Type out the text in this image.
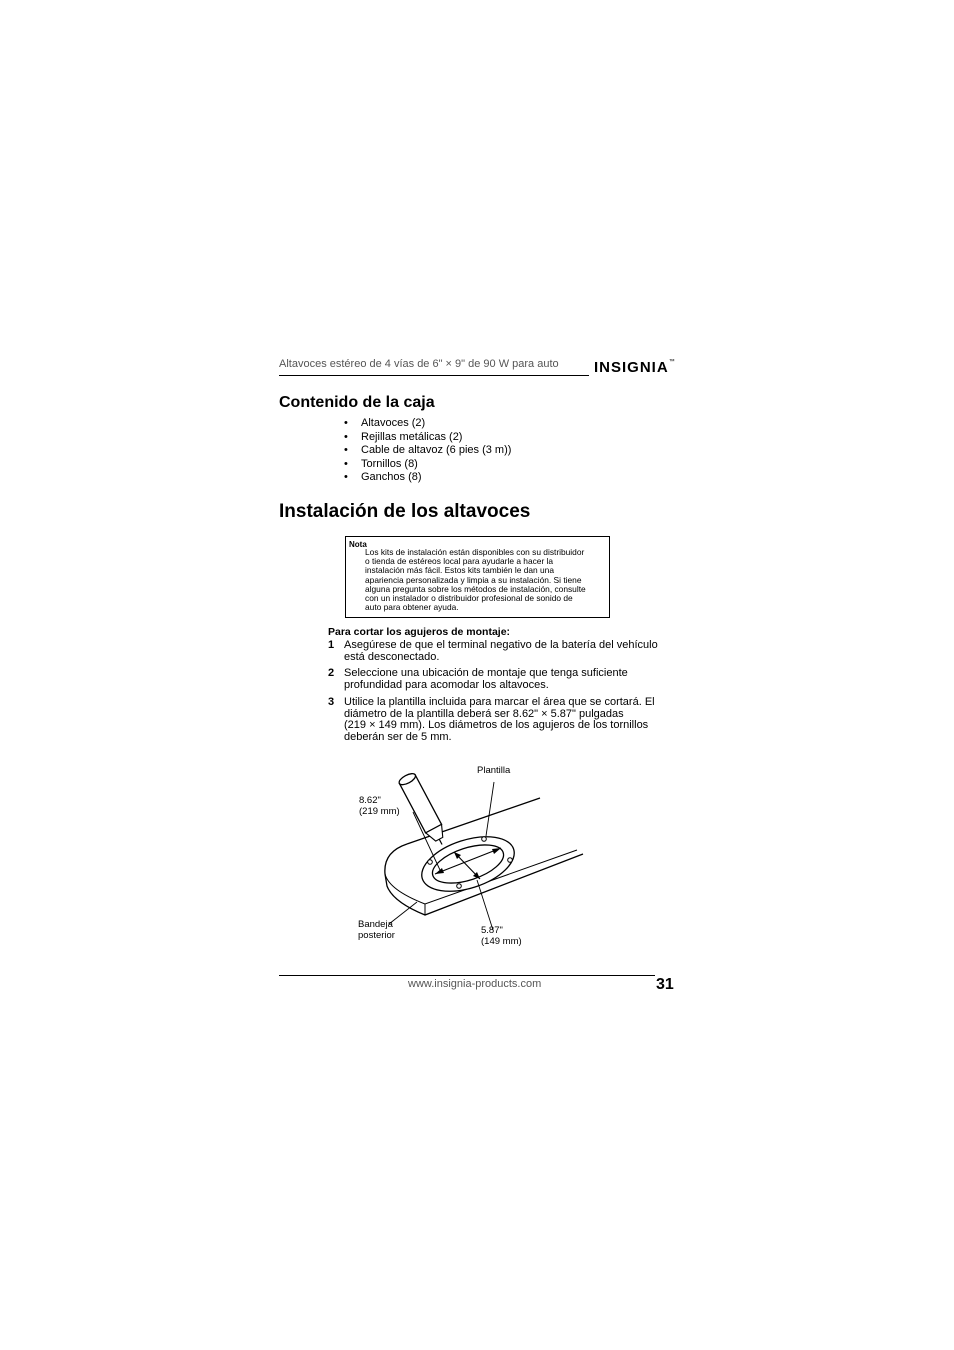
Altavoces estéreo de 4 vías de 6" × 9" de 90 W para auto INSIGNIA™
Contenido de la caja
• Altavoces (2)
• Rejillas metálicas (2)
• Cable de altavoz (6 pies (3 m))
• Tornillos (8)
• Ganchos (8)
Instalación de los altavoces
Nota
Los kits de instalación están disponibles con su distribuidor
o tienda de estéreos local para ayudarle a hacer la
instalación más fácil. Estos kits también le dan una
apariencia personalizada y limpia a su instalación. Si tiene
alguna pregunta sobre los métodos de instalación, consulte
con un instalador o distribuidor profesional de sonido de
auto para obtener ayuda.
Para cortar los agujeros de montaje:
1 Asegúrese de que el terminal negativo de la batería del vehículo
está desconectado.
2 Seleccione una ubicación de montaje que tenga suficiente
profundidad para acomodar los altavoces.
3 Utilice la plantilla incluida para marcar el área que se cortará. El
diámetro de la plantilla deberá ser 8.62" × 5.87" pulgadas
(219 × 149 mm). Los diámetros de los agujeros de los tornillos
deberán ser de 5 mm.
Plantilla
8.62"
(219 mm)
Bandeja
posterior	5.87"
(149 mm)
www.insignia-products.com	31
